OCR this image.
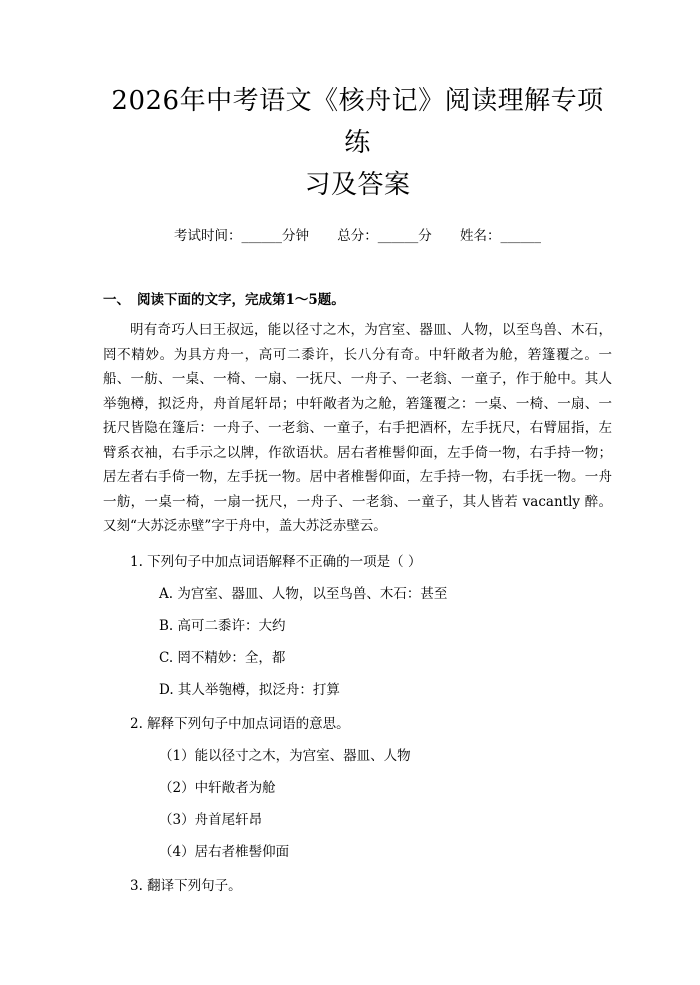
2026年中考语文《核舟记》阅读理解专项练
习及答案
考试时间：______分钟 总分：______分 姓名：______
一、 阅读下面的文字，完成第1～5题。
明有奇巧人曰王叔远，能以径寸之木，为宫室、器皿、人物，以至鸟兽、木石，罔不精妙。为具方舟一，高可二黍许，长八分有奇。中轩敞者为舱，箬篷覆之。一船、一舫、一桌、一椅、一扇、一抚尺、一舟子、一老翁、一童子，作于舱中。其人举匏樽，拟泛舟，舟首尾轩昂；中轩敞者为之舱，箬篷覆之：一桌、一椅、一扇、一抚尺皆隐在篷后：一舟子、一老翁、一童子，右手把酒杯，左手抚尺，右臂屈指，左臂系衣袖，右手示之以牌，作欲语状。居右者椎髻仰面，左手倚一物，右手持一物；居左者右手倚一物，左手抚一物。居中者椎髻仰面，左手持一物，右手抚一物。一舟一舫，一桌一椅，一扇一抚尺，一舟子、一老翁、一童子，其人皆若 vacantly 醉。又刻“大苏泛赤壁”字于舟中，盖大苏泛赤壁云。
1. 下列句子中加点词语解释不正确的一项是（ ）
A. 为宫室、器皿、人物，以至鸟兽、木石：甚至
B. 高可二黍许：大约
C. 罔不精妙：全，都
D. 其人举匏樽，拟泛舟：打算
2. 解释下列句子中加点词语的意思。
（1）能以径寸之木，为宫室、器皿、人物
（2）中轩敞者为舱
（3）舟首尾轩昂
（4）居右者椎髻仰面
3. 翻译下列句子。
